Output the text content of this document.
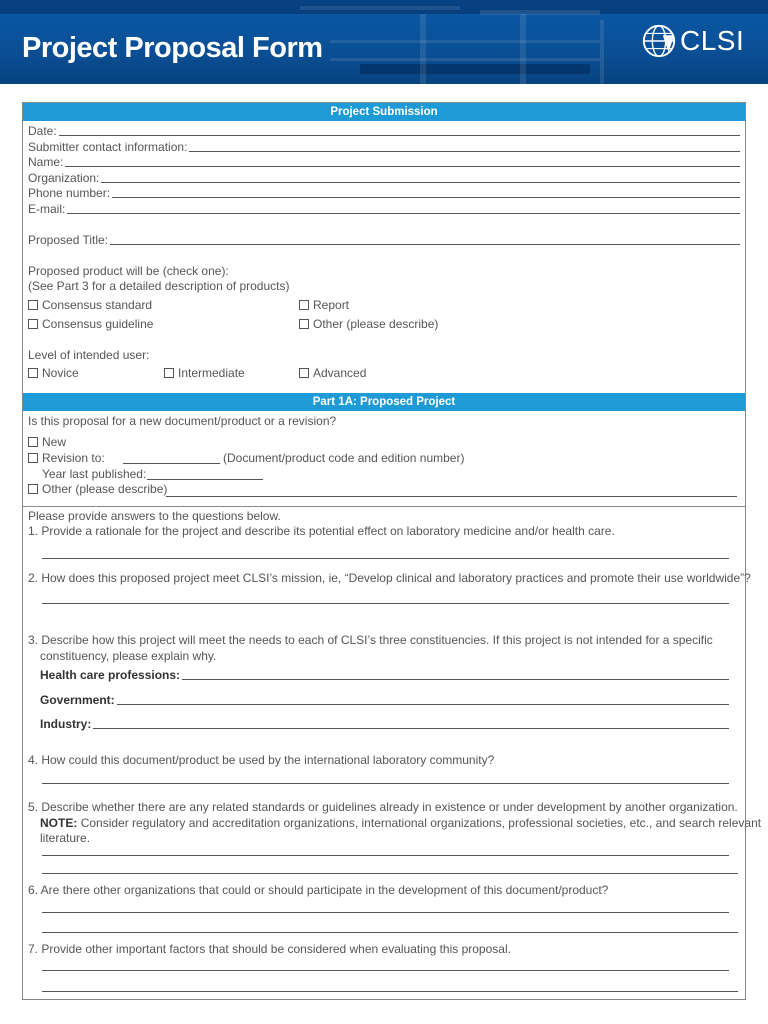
Project Proposal Form	CLSI
Project Submission
Date:
Submitter contact information:
Name:
Organization:
Phone number:
E-mail:
Proposed Title:
Proposed product will be (check one):
(See Part 3 for a detailed description of products)
Consensus standard	Report
Consensus guideline	Other (please describe)
Level of intended user:
Novice	Intermediate	Advanced
Part 1A: Proposed Project
Is this proposal for a new document/product or a revision?
New
Revision to:	(Document/product code and edition number)
Year last published:
Other (please describe)
Please provide answers to the questions below.
1. Provide a rationale for the project and describe its potential effect on laboratory medicine and/or health care.
2. How does this proposed project meet CLSI’s mission, ie, “Develop clinical and laboratory practices and promote their use worldwide”?
3. Describe how this project will meet the needs to each of CLSI’s three constituencies. If this project is not intended for a specific
constituency, please explain why.
Health care professions:
Government:
Industry:
4. How could this document/product be used by the international laboratory community?
5. Describe whether there are any related standards or guidelines already in existence or under development by another organization.
NOTE: Consider regulatory and accreditation organizations, international organizations, professional societies, etc., and search relevant
literature.
6. Are there other organizations that could or should participate in the development of this document/product?
7. Provide other important factors that should be considered when evaluating this proposal.
